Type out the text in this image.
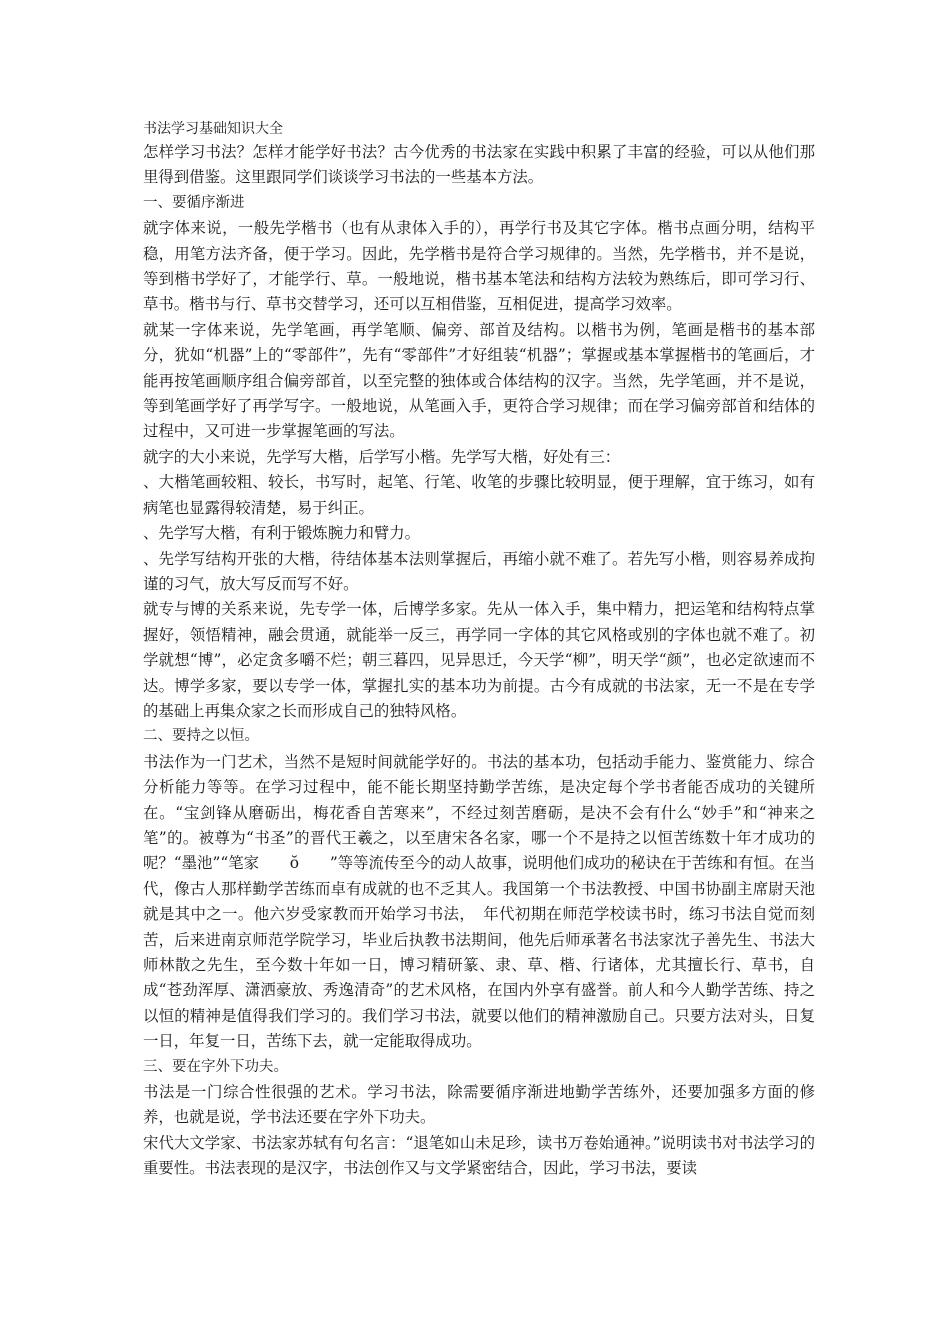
书法学习基础知识大全

怎样学习书法？怎样才能学好书法？古今优秀的书法家在实践中积累了丰富的经验，可以从他们那里得到借鉴。这里跟同学们谈谈学习书法的一些基本方法。

一、要循序渐进

就字体来说，一般先学楷书（也有从隶体入手的），再学行书及其它字体。楷书点画分明，结构平稳，用笔方法齐备，便于学习。因此，先学楷书是符合学习规律的。当然，先学楷书，并不是说，等到楷书学好了，才能学行、草。一般地说，楷书基本笔法和结构方法较为熟练后，即可学习行、草书。楷书与行、草书交替学习，还可以互相借鉴，互相促进，提高学习效率。

就某一字体来说，先学笔画，再学笔顺、偏旁、部首及结构。以楷书为例，笔画是楷书的基本部分，犹如“机器”上的“零部件”，先有“零部件”才好组装“机器”；掌握或基本掌握楷书的笔画后，才能再按笔画顺序组合偏旁部首，以至完整的独体或合体结构的汉字。当然，先学笔画，并不是说，等到笔画学好了再学写字。一般地说，从笔画入手，更符合学习规律；而在学习偏旁部首和结体的过程中，又可进一步掌握笔画的写法。

就字的大小来说，先学写大楷，后学写小楷。先学写大楷，好处有三：

、大楷笔画较粗、较长，书写时，起笔、行笔、收笔的步骤比较明显，便于理解，宜于练习，如有病笔也显露得较清楚，易于纠正。

、先学写大楷，有利于锻炼腕力和臂力。

、先学写结构开张的大楷，待结体基本法则掌握后，再缩小就不难了。若先写小楷，则容易养成拘谨的习气，放大写反而写不好。

就专与博的关系来说，先专学一体，后博学多家。先从一体入手，集中精力，把运笔和结构特点掌握好，领悟精神，融会贯通，就能举一反三，再学同一字体的其它风格或别的字体也就不难了。初学就想“博”，必定贪多嚼不烂；朝三暮四，见异思迁，今天学“柳”，明天学“颜”，也必定欲速而不达。博学多家，要以专学一体，掌握扎实的基本功为前提。古今有成就的书法家，无一不是在专学的基础上再集众家之长而形成自己的独特风格。

二、要持之以恒。

书法作为一门艺术，当然不是短时间就能学好的。书法的基本功，包括动手能力、鉴赏能力、综合分析能力等等。在学习过程中，能不能长期坚持勤学苦练，是决定每个学书者能否成功的关键所在。“宝剑锋从磨砺出，梅花香自苦寒来”，不经过刻苦磨砺，是决不会有什么“妙手”和“神来之笔”的。被尊为“书圣”的晋代王羲之，以至唐宋各名家，哪一个不是持之以恒苦练数十年才成功的呢？“墨池”“笔家　　ŏ　　”等等流传至今的动人故事，说明他们成功的秘诀在于苦练和有恒。在当代，像古人那样勤学苦练而卓有成就的也不乏其人。我国第一个书法教授、中国书协副主席尉天池就是其中之一。他六岁受家教而开始学习书法，　年代初期在师范学校读书时，练习书法自觉而刻苦，后来进南京师范学院学习，毕业后执教书法期间，他先后师承著名书法家沈子善先生、书法大师林散之先生，至今数十年如一日，博习精研篆、隶、草、楷、行诸体，尤其擅长行、草书，自成“苍劲浑厚、潇洒豪放、秀逸清奇”的艺术风格，在国内外享有盛誉。前人和今人勤学苦练、持之以恒的精神是值得我们学习的。我们学习书法，就要以他们的精神激励自己。只要方法对头，日复一日，年复一日，苦练下去，就一定能取得成功。

三、要在字外下功夫。

书法是一门综合性很强的艺术。学习书法，除需要循序渐进地勤学苦练外，还要加强多方面的修养，也就是说，学书法还要在字外下功夫。

宋代大文学家、书法家苏轼有句名言：“退笔如山未足珍，读书万卷始通神。”说明读书对书法学习的重要性。书法表现的是汉字，书法创作又与文学紧密结合，因此，学习书法，要读
